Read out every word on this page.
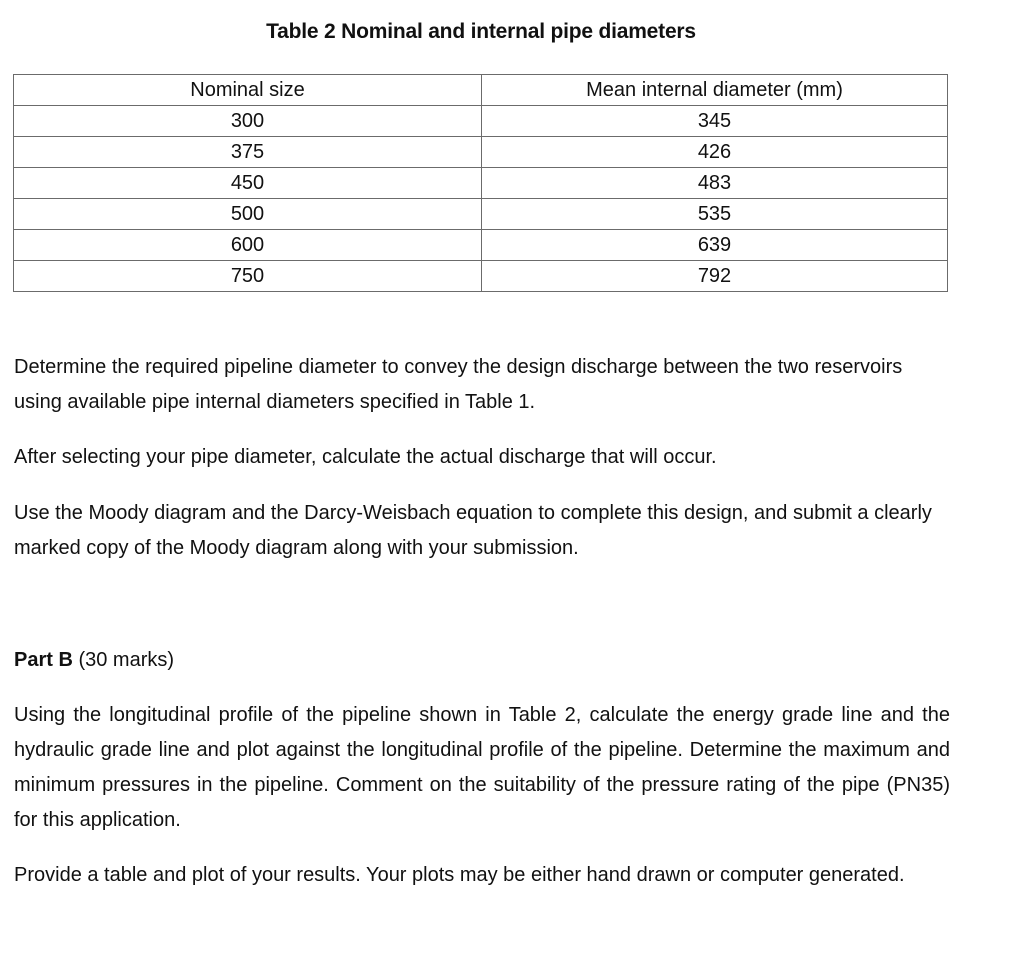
Table 2 Nominal and internal pipe diameters
Nominal size	Mean internal diameter (mm)
300	345
375	426
450	483
500	535
600	639
750	792

Determine the required pipeline diameter to convey the design discharge between the two reservoirs using available pipe internal diameters specified in Table 1.

After selecting your pipe diameter, calculate the actual discharge that will occur.

Use the Moody diagram and the Darcy-Weisbach equation to complete this design, and submit a clearly marked copy of the Moody diagram along with your submission.

Part B (30 marks)

Using the longitudinal profile of the pipeline shown in Table 2, calculate the energy grade line and the hydraulic grade line and plot against the longitudinal profile of the pipeline. Determine the maximum and minimum pressures in the pipeline. Comment on the suitability of the pressure rating of the pipe (PN35) for this application.

Provide a table and plot of your results. Your plots may be either hand drawn or computer generated.
